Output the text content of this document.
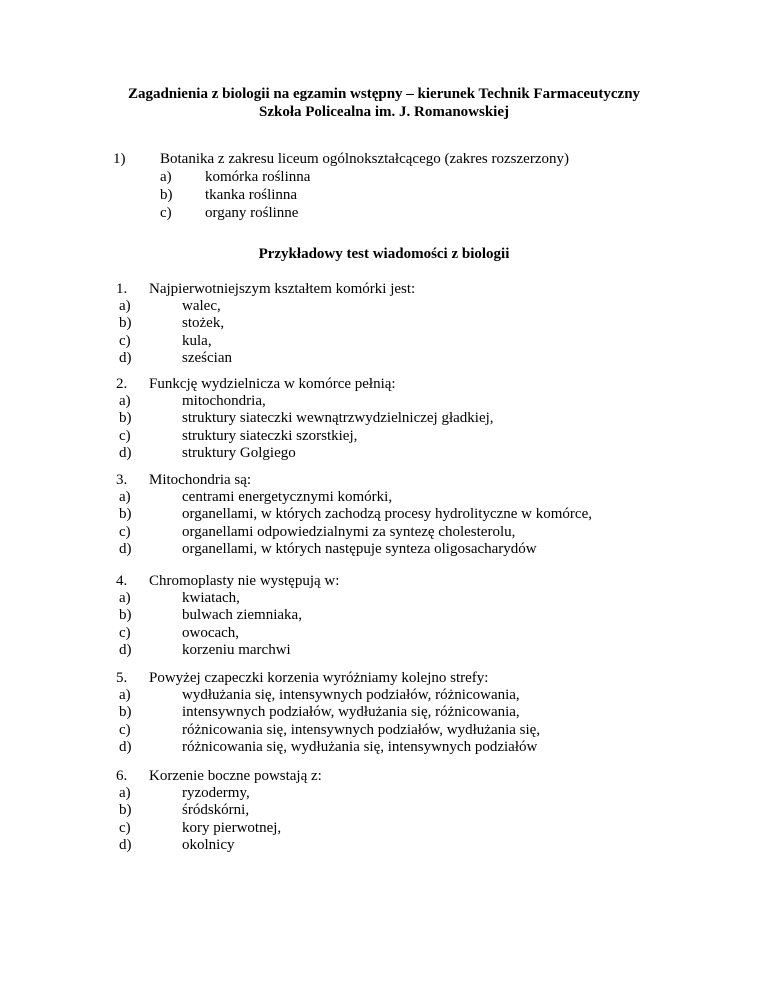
Zagadnienia z biologii na egzamin wstępny – kierunek Technik Farmaceutyczny
Szkoła Policealna im. J. Romanowskiej
1) Botanika z zakresu liceum ogólnokształcącego (zakres rozszerzony)
a) komórka roślinna
b) tkanka roślinna
c) organy roślinne
Przykładowy test wiadomości z biologii
1. Najpierwotniejszym kształtem komórki jest:
a)	walec,
b)	stożek,
c)	kula,
d)	sześcian
2. Funkcję wydzielnicza w komórce pełnią:
a)	mitochondria,
b)	struktury siateczki wewnątrzwydzielniczej gładkiej,
c)	struktury siateczki szorstkiej,
d)	struktury Golgiego
3. Mitochondria są:
a)	centrami energetycznymi komórki,
b)	organellami, w których zachodzą procesy hydrolityczne w komórce,
c)	organellami odpowiedzialnymi za syntezę cholesterolu,
d)	organellami, w których następuje synteza oligosacharydów
4. Chromoplasty nie występują w:
a)	kwiatach,
b)	bulwach ziemniaka,
c)	owocach,
d)	korzeniu marchwi
5. Powyżej czapeczki korzenia wyróżniamy kolejno strefy:
a)	wydłużania się, intensywnych podziałów, różnicowania,
b)	intensywnych podziałów, wydłużania się, różnicowania,
c)	różnicowania się, intensywnych podziałów, wydłużania się,
d)	różnicowania się, wydłużania się, intensywnych podziałów
6. Korzenie boczne powstają z:
a)	ryzodermy,
b)	śródskórni,
c)	kory pierwotnej,
d)	okolnicy
